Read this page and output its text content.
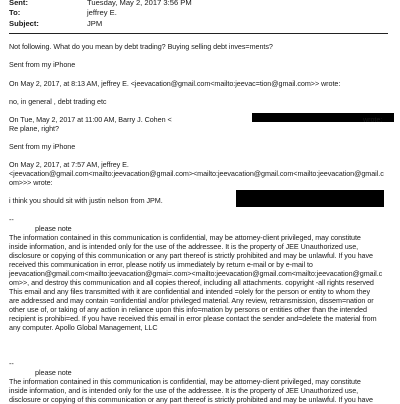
Sent:	Tuesday, May 2, 2017 3:56 PM
To:	jeffrey E.
Subject:	JPM
Not following. What do you mean by debt trading? Buying selling debt inves=ments?
Sent from my iPhone
On May 2, 2017, at 8:13 AM, jeffrey E. <jeevacation@gmail.com<mailto:jeevac=tion@gmail.com>> wrote:
no, in general , debt trading etc
On Tue, May 2, 2017 at 11:00 AM, Barry J. Cohen <	wrote:
Re plane, right?
Sent from my iPhone
On May 2, 2017, at 7:57 AM, jeffrey E.
<jeevacation@gmail.com<mailto:jeevacation@gmail.com><mailto:jeevacation@gmail.com<mailto:jeevacation@gmail.c
om>>> wrote:
i think you should sit with justin nelson from JPM.
--
please note
The information contained in this communication is confidential, may be attorney-client privileged, may constitute
inside information, and is intended only for the use of the addressee. It is the property of JEE Unauthorized use,
disclosure or copying of this communication or any part thereof is strictly prohibited and may be unlawful. If you have
received this communication in error, please notify us immediately by return e-mail or by e-mail to
jeevacation@gmail.com<mailto:jeevacation@gmai=.com><mailto:jeevacation@gmail.com<mailto:jeevacation@gmail.c
om>>, and destroy this communication and all copies thereof, including all attachments. copyright -all rights reserved
This email and any files transmitted with it are confidential and intended =olely for the person or entity to whom they
are addressed and may contain =onfidential and/or privileged material. Any review, retransmission, dissem=nation or
other use of, or taking of any action in reliance upon this info=mation by persons or entities other than the intended
recipient is prohibi=ed. If you have received this email in error please contact the sender and=delete the material from
any computer. Apollo Global Management, LLC
--
please note
The information contained in this communication is confidential, may be attorney-client privileged, may constitute
inside information, and is intended only for the use of the addressee. It is the property of JEE Unauthorized use,
disclosure or copying of this communication or any part thereof is strictly prohibited and may be unlawful. If you have
